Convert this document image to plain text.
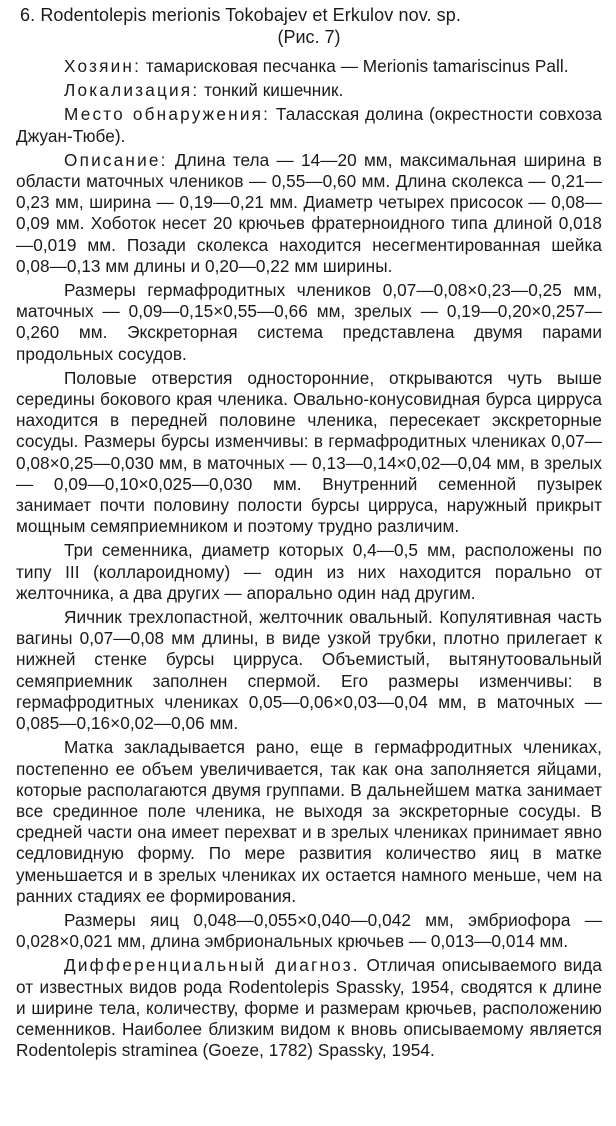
6. Rodentolepis merionis Tokobajev et Erkulov nov. sp.
(Рис. 7)
Хозяин: тамарисковая песчанка — Merionis tamariscinus Pall.
Локализация: тонкий кишечник.
Место обнаружения: Таласская долина (окрестности совхоза Джуан-Тюбе).
Описание: Длина тела — 14—20 мм, максимальная ширина в области маточных члеников — 0,55—0,60 мм. Длина сколекса — 0,21—0,23 мм, ширина — 0,19—0,21 мм. Диаметр четырех присосок — 0,08—0,09 мм. Хоботок несет 20 крючьев фратерноидного типа длиной 0,018—0,019 мм. Позади сколекса находится несегментированная шейка 0,08—0,13 мм длины и 0,20—0,22 мм ширины.
Размеры гермафродитных члеников 0,07—0,08×0,23—0,25 мм, маточных — 0,09—0,15×0,55—0,66 мм, зрелых — 0,19—0,20×0,257—0,260 мм. Экскреторная система представлена двумя парами продольных сосудов.
Половые отверстия односторонние, открываются чуть выше середины бокового края членика. Овально-конусовидная бурса цирруса находится в передней половине членика, пересекает экскреторные сосуды. Размеры бурсы изменчивы: в гермафродитных члениках 0,07—0,08×0,25—0,030 мм, в маточных — 0,13—0,14×0,02—0,04 мм, в зрелых — 0,09—0,10×0,025—0,030 мм. Внутренний семенной пузырек занимает почти половину полости бурсы цирруса, наружный прикрыт мощным семяприемником и поэтому трудно различим.
Три семенника, диаметр которых 0,4—0,5 мм, расположены по типу III (коллароидному) — один из них находится порально от желточника, а два других — апорально один над другим.
Яичник трехлопастной, желточник овальный. Копулятивная часть вагины 0,07—0,08 мм длины, в виде узкой трубки, плотно прилегает к нижней стенке бурсы цирруса. Объемистый, вытянутоовальный семяприемник заполнен спермой. Его размеры изменчивы: в гермафродитных члениках 0,05—0,06×0,03—0,04 мм, в маточных — 0,085—0,16×0,02—0,06 мм.
Матка закладывается рано, еще в гермафродитных члениках, постепенно ее объем увеличивается, так как она заполняется яйцами, которые располагаются двумя группами. В дальнейшем матка занимает все срединное поле членика, не выходя за экскреторные сосуды. В средней части она имеет перехват и в зрелых члениках принимает явно седловидную форму. По мере развития количество яиц в матке уменьшается и в зрелых члениках их остается намного меньше, чем на ранних стадиях ее формирования.
Размеры яиц 0,048—0,055×0,040—0,042 мм, эмбриофора — 0,028×0,021 мм, длина эмбриональных крючьев — 0,013—0,014 мм.
Дифференциальный диагноз. Отличая описываемого вида от известных видов рода Rodentolepis Spassky, 1954, сводятся к длине и ширине тела, количеству, форме и размерам крючьев, расположению семенников. Наиболее близким видом к вновь описываемому является Rodentolepis straminea (Goeze, 1782) Spassky, 1954.
